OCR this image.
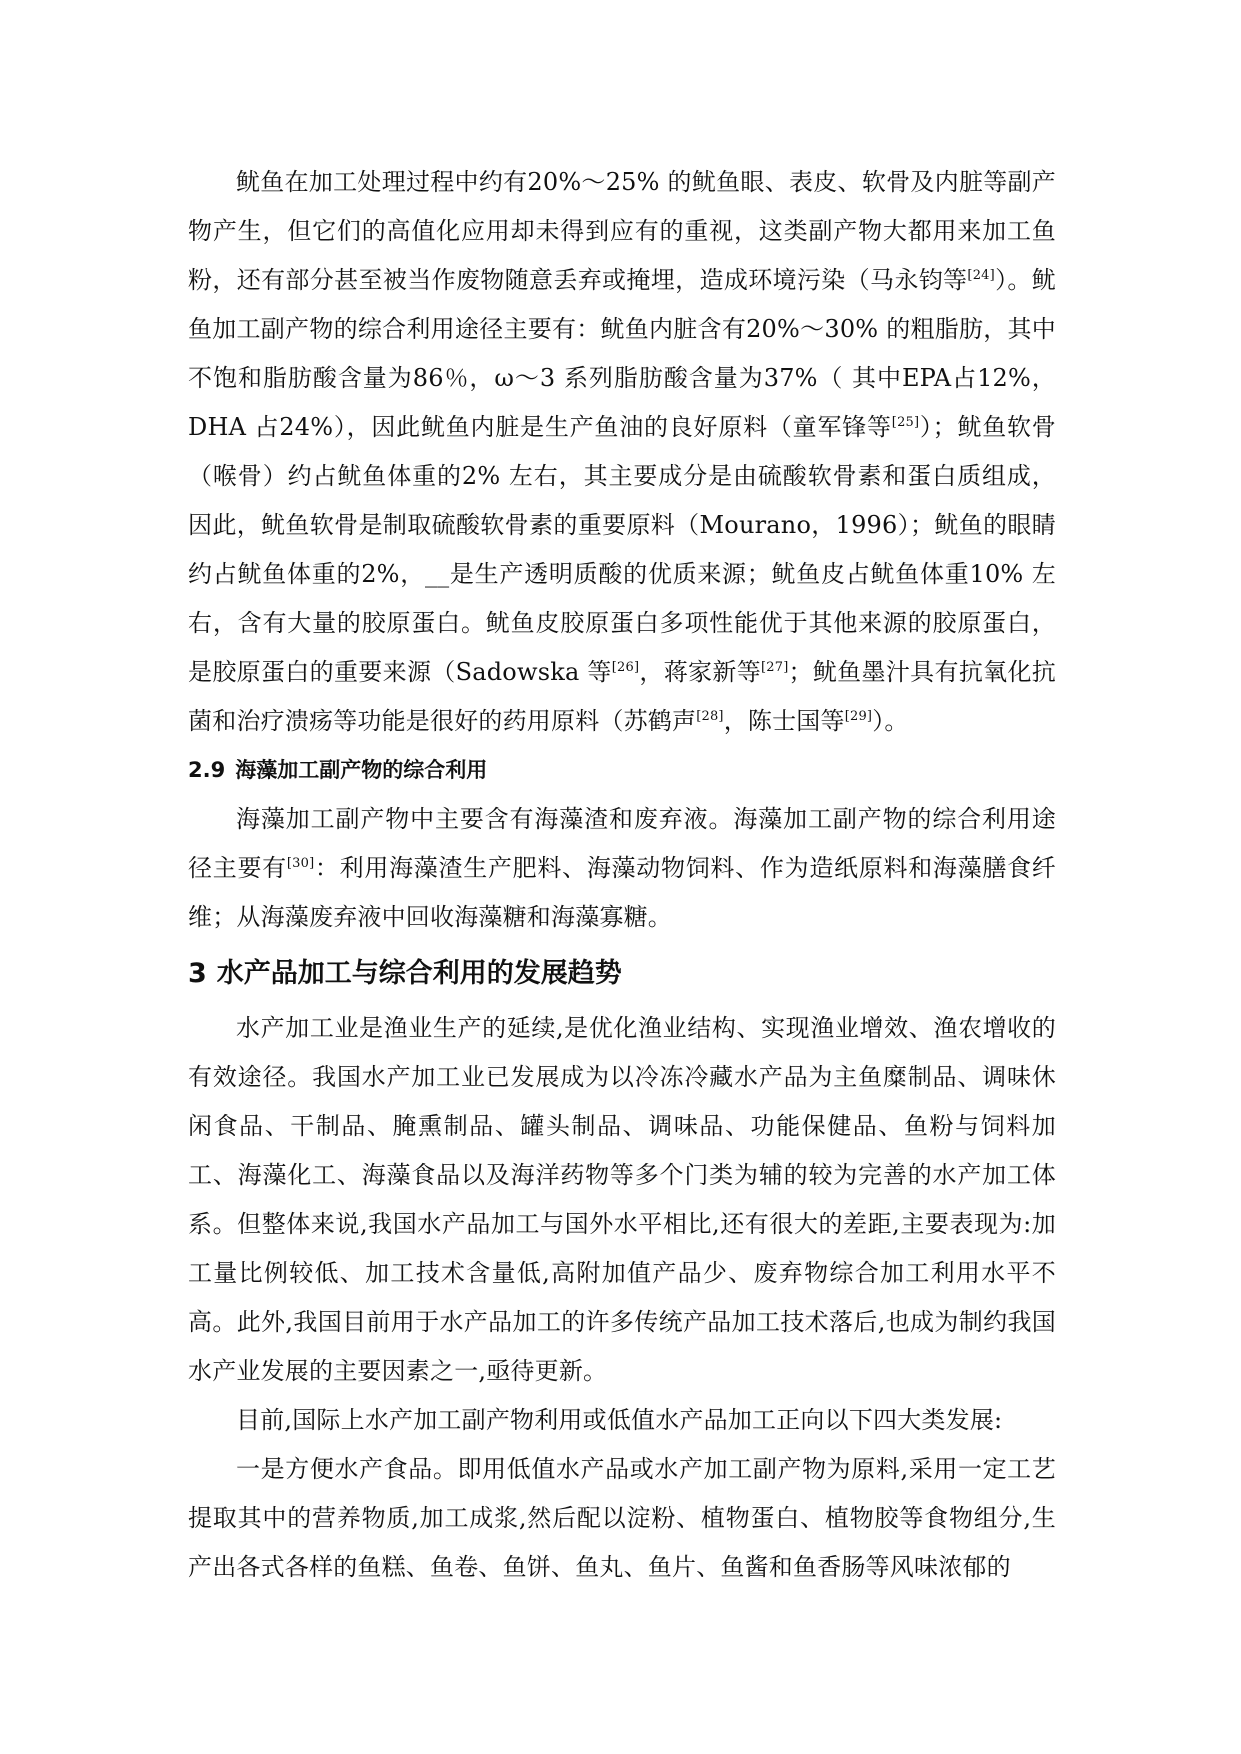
鱿鱼在加工处理过程中约有20%～25% 的鱿鱼眼、表皮、软骨及内脏等副产物产生，但它们的高值化应用却未得到应有的重视，这类副产物大都用来加工鱼粉，还有部分甚至被当作废物随意丢弃或掩埋，造成环境污染（马永钧等[24]）。鱿鱼加工副产物的综合利用途径主要有：鱿鱼内脏含有20%～30% 的粗脂肪，其中不饱和脂肪酸含量为86％，ω～3 系列脂肪酸含量为37%（ 其中EPA占12%，DHA 占24%），因此鱿鱼内脏是生产鱼油的良好原料（童军锋等[25]）；鱿鱼软骨（喉骨）约占鱿鱼体重的2% 左右，其主要成分是由硫酸软骨素和蛋白质组成，因此，鱿鱼软骨是制取硫酸软骨素的重要原料（Mourano，1996）；鱿鱼的眼睛约占鱿鱼体重的2%，__是生产透明质酸的优质来源；鱿鱼皮占鱿鱼体重10% 左右，含有大量的胶原蛋白。鱿鱼皮胶原蛋白多项性能优于其他来源的胶原蛋白，是胶原蛋白的重要来源（Sadowska 等[26]，蒋家新等[27]；鱿鱼墨汁具有抗氧化抗菌和治疗溃疡等功能是很好的药用原料（苏鹤声[28]，陈士国等[29]）。

2.9 海藻加工副产物的综合利用

海藻加工副产物中主要含有海藻渣和废弃液。海藻加工副产物的综合利用途径主要有[30]：利用海藻渣生产肥料、海藻动物饲料、作为造纸原料和海藻膳食纤维；从海藻废弃液中回收海藻糖和海藻寡糖。

3 水产品加工与综合利用的发展趋势

水产加工业是渔业生产的延续,是优化渔业结构、实现渔业增效、渔农增收的有效途径。我国水产加工业已发展成为以冷冻冷藏水产品为主鱼糜制品、调味休闲食品、干制品、腌熏制品、罐头制品、调味品、功能保健品、鱼粉与饲料加工、海藻化工、海藻食品以及海洋药物等多个门类为辅的较为完善的水产加工体系。但整体来说,我国水产品加工与国外水平相比,还有很大的差距,主要表现为:加工量比例较低、加工技术含量低,高附加值产品少、废弃物综合加工利用水平不高。此外,我国目前用于水产品加工的许多传统产品加工技术落后,也成为制约我国水产业发展的主要因素之一,亟待更新。

目前,国际上水产加工副产物利用或低值水产品加工正向以下四大类发展:

一是方便水产食品。即用低值水产品或水产加工副产物为原料,采用一定工艺提取其中的营养物质,加工成浆,然后配以淀粉、植物蛋白、植物胶等食物组分,生产出各式各样的鱼糕、鱼卷、鱼饼、鱼丸、鱼片、鱼酱和鱼香肠等风味浓郁的
